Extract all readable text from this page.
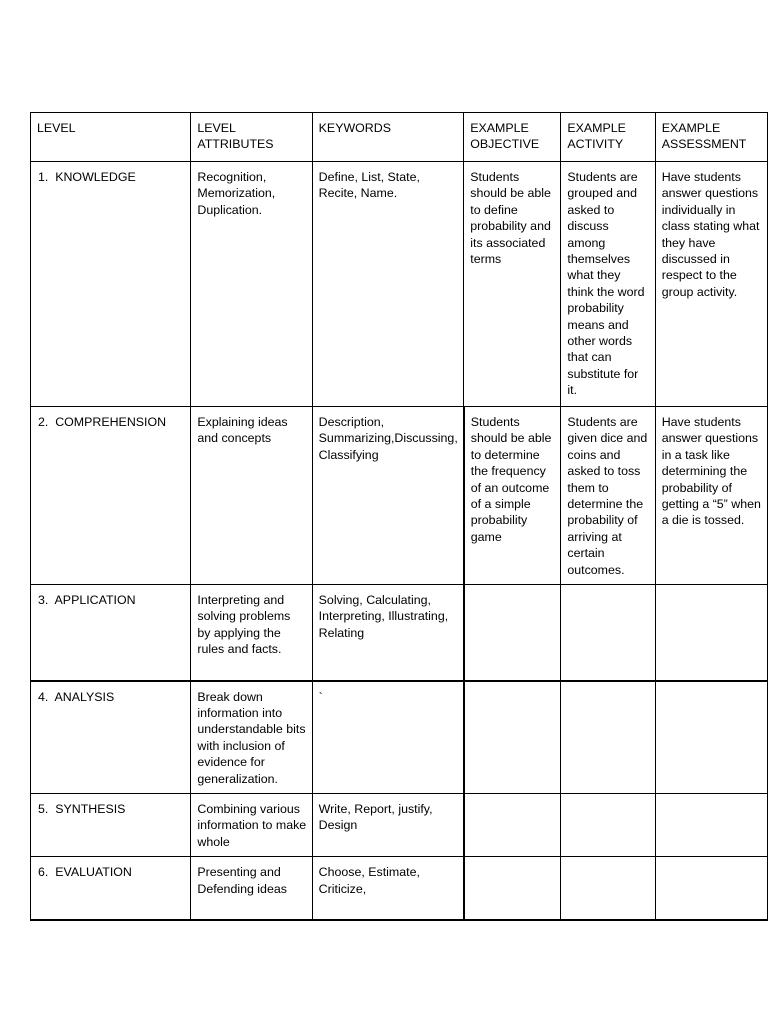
LEVEL	LEVEL ATTRIBUTES	KEYWORDS	EXAMPLE OBJECTIVE	EXAMPLE ACTIVITY	EXAMPLE ASSESSMENT
1.  KNOWLEDGE	Recognition, Memorization, Duplication.	Define, List, State, Recite, Name.	Students should be able to define probability and its associated terms	Students are grouped and asked to discuss among themselves what they think the word probability means and other words that can substitute for it.	Have students answer questions individually in class stating what they have discussed in respect to the group activity.
2.  COMPREHENSION	Explaining ideas and concepts	Description, Summarizing,Discussing, Classifying	Students should be able to determine the frequency of an outcome of a simple probability game	Students are given dice and coins and asked to toss them to determine the probability of arriving at certain outcomes.	Have students answer questions in a task like determining the probability of getting a “5” when a die is tossed.
3.  APPLICATION	Interpreting and solving problems by applying the rules and facts.	Solving, Calculating, Interpreting, Illustrating, Relating			
4.  ANALYSIS	Break down information into understandable bits with inclusion of evidence for generalization.	`			
5.  SYNTHESIS	Combining various information to make whole	Write, Report, justify, Design			
6.  EVALUATION	Presenting and Defending ideas	Choose, Estimate, Criticize,			
